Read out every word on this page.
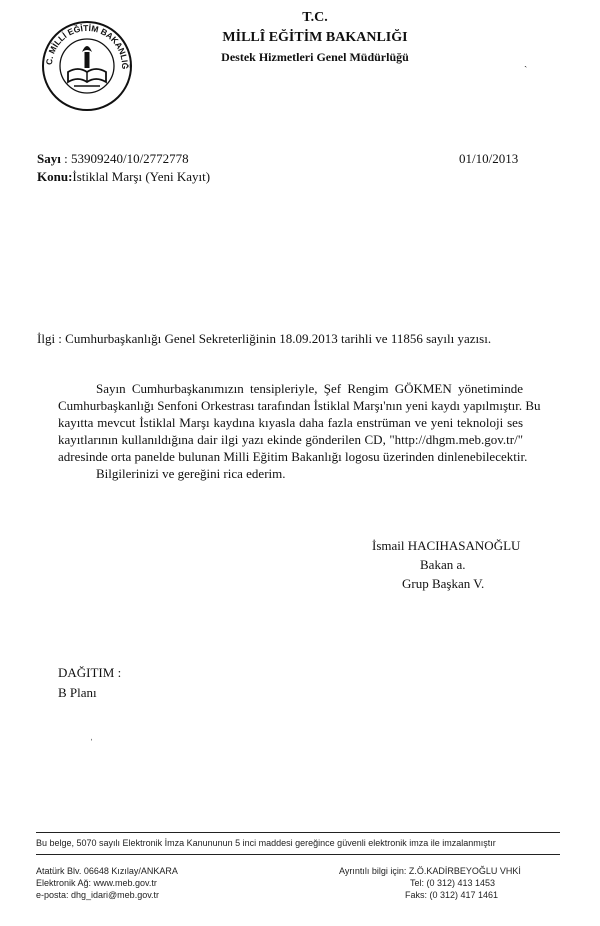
C. MİLLİ EĞİTİM BAKANLIĞ
T.C.
MİLLÎ EĞİTİM BAKANLIĞI
Destek Hizmetleri Genel Müdürlüğü	ˏ
Sayı : 53909240/10/2772778	01/10/2013
Konu:İstiklal Marşı (Yeni Kayıt)
İlgi : Cumhurbaşkanlığı Genel Sekreterliğinin 18.09.2013 tarihli ve 11856 sayılı yazısı.
Sayın Cumhurbaşkanımızın tensipleriyle, Şef Rengim GÖKMEN yönetiminde
Cumhurbaşkanlığı Senfoni Orkestrası tarafından İstiklal Marşı'nın yeni kaydı yapılmıştır. Bu
kayıtta mevcut İstiklal Marşı kaydına kıyasla daha fazla enstrüman ve yeni teknoloji ses
kayıtlarının kullanıldığına dair ilgi yazı ekinde gönderilen CD, "http://dhgm.meb.gov.tr/"
adresinde orta panelde bulunan Milli Eğitim Bakanlığı logosu üzerinden dinlenebilecektir.
Bilgilerinizi ve gereğini rica ederim.
İsmail HACIHASANOĞLU
Bakan a.
Grup Başkan V.
DAĞITIM :
B Planı
ˈ
Bu belge, 5070 sayılı Elektronik İmza Kanununun 5 inci maddesi gereğince güvenli elektronik imza ile imzalanmıştır
Atatürk Blv. 06648 Kızılay/ANKARA
Elektronik Ağ: www.meb.gov.tr
e-posta: dhg_idari@meb.gov.tr
Ayrıntılı bilgi için: Z.Ö.KADİRBEYOĞLU VHKİ
Tel: (0 312) 413 1453
Faks: (0 312) 417 1461
